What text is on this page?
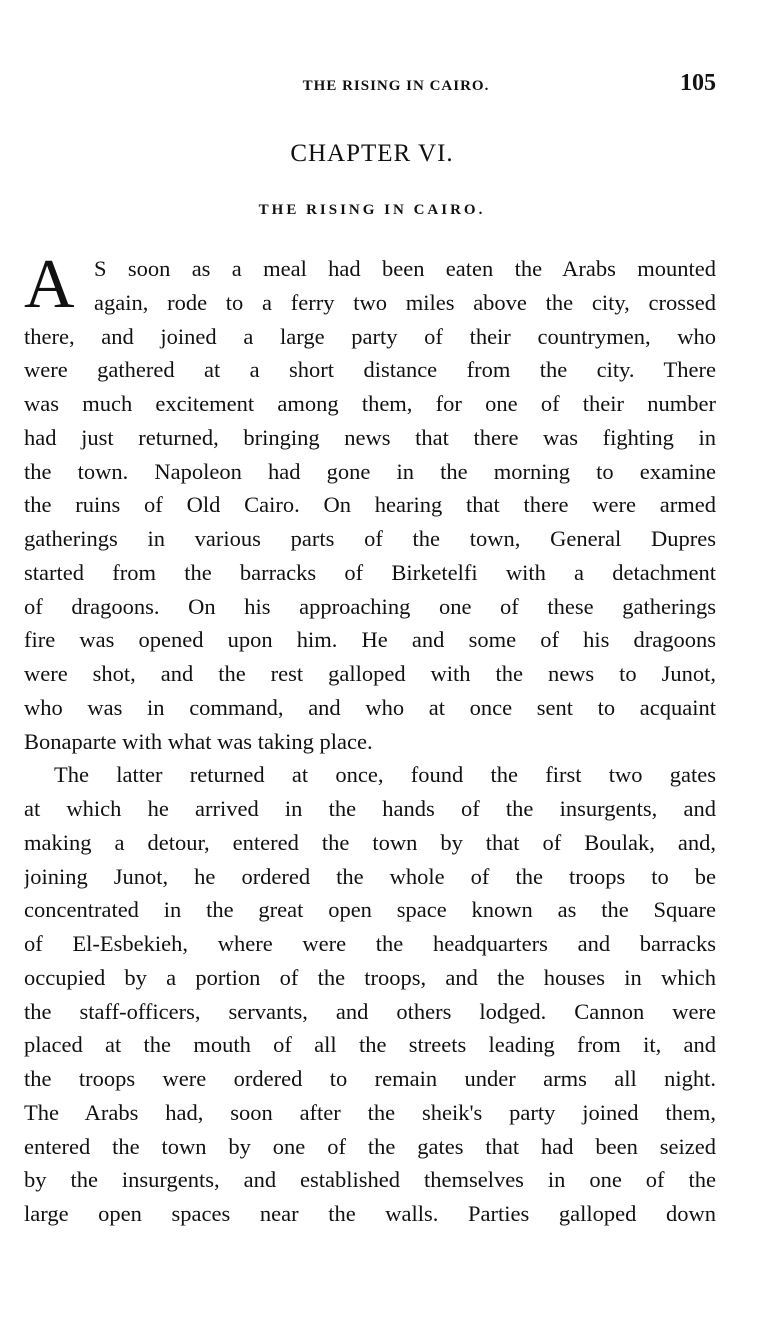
THE RISING IN CAIRO.	105
CHAPTER VI.
THE RISING IN CAIRO.
A S soon as a meal had been eaten the Arabs mounted
again, rode to a ferry two miles above the city, crossed
there, and joined a large party of their countrymen, who
were gathered at a short distance from the city. There
was much excitement among them, for one of their number
had just returned, bringing news that there was fighting in
the town. Napoleon had gone in the morning to examine
the ruins of Old Cairo. On hearing that there were armed
gatherings in various parts of the town, General Dupres
started from the barracks of Birketelfi with a detachment
of dragoons. On his approaching one of these gatherings
fire was opened upon him. He and some of his dragoons
were shot, and the rest galloped with the news to Junot,
who was in command, and who at once sent to acquaint
Bonaparte with what was taking place.
The latter returned at once, found the first two gates
at which he arrived in the hands of the insurgents, and
making a detour, entered the town by that of Boulak, and,
joining Junot, he ordered the whole of the troops to be
concentrated in the great open space known as the Square
of El-Esbekieh, where were the headquarters and barracks
occupied by a portion of the troops, and the houses in which
the staff-officers, servants, and others lodged. Cannon were
placed at the mouth of all the streets leading from it, and
the troops were ordered to remain under arms all night.
The Arabs had, soon after the sheik's party joined them,
entered the town by one of the gates that had been seized
by the insurgents, and established themselves in one of the
large open spaces near the walls. Parties galloped down
